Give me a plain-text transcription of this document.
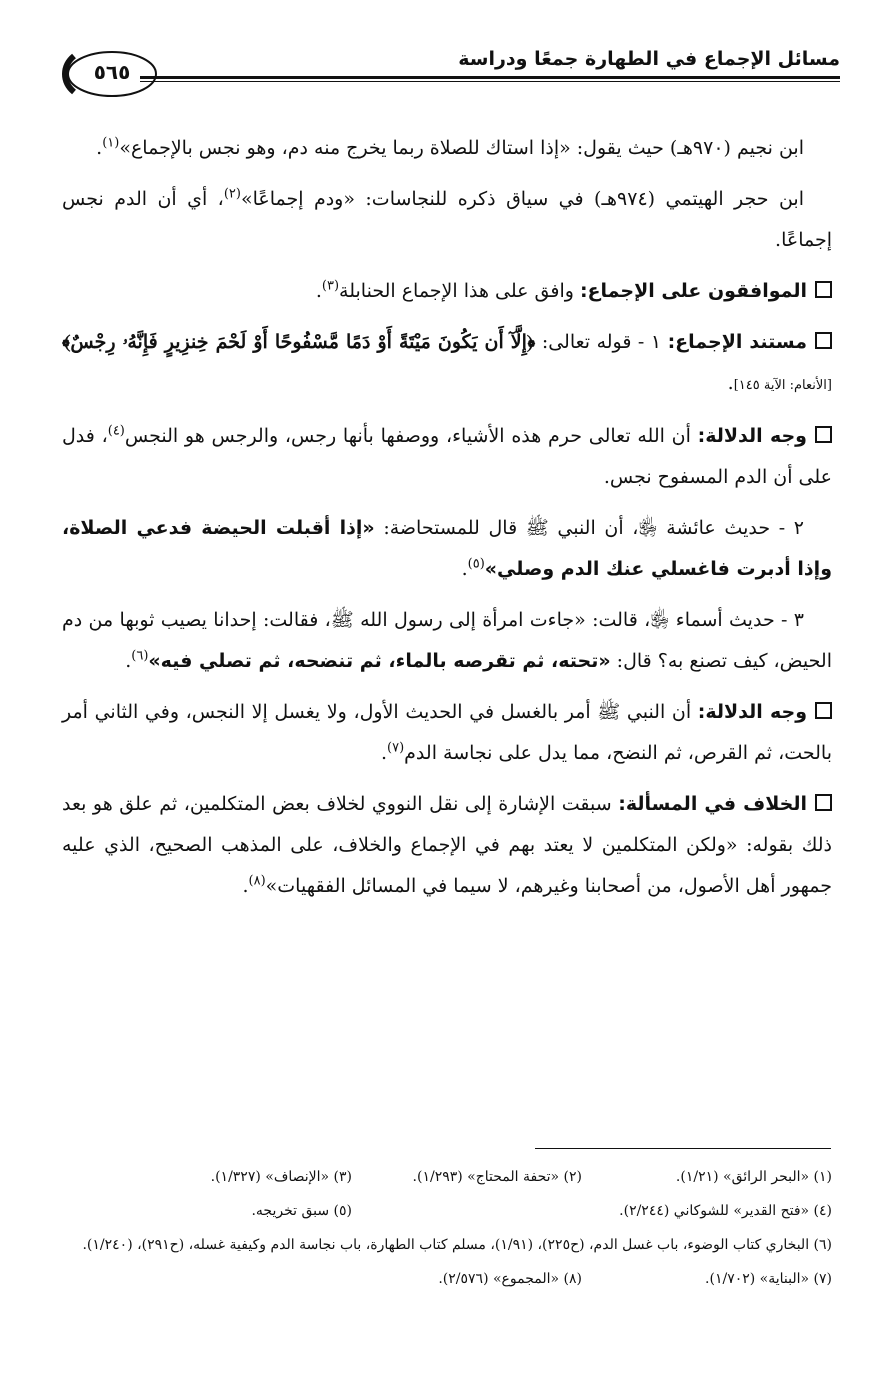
مسائل الإجماع في الطهارة جمعًا ودراسة
٥٦٥

ابن نجيم (٩٧٠هـ) حيث يقول: «إذا استاك للصلاة ربما يخرج منه دم، وهو نجس بالإجماع»$^{(١)}$.

ابن حجر الهيتمي (٩٧٤هـ) في سياق ذكره للنجاسات: «ودم إجماعًا»$^{(٢)}$، أي أن الدم نجس إجماعًا.

الموافقون على الإجماع: وافق على هذا الإجماع الحنابلة$^{(٣)}$.

مستند الإجماع: ١ - قوله تعالى: ﴿إِلَّآ أَن يَكُونَ مَيْتَةً أَوْ دَمًا مَّسْفُوحًا أَوْ لَحْمَ خِنزِيرٍ فَإِنَّهُۥ رِجْسٌ﴾ [الأنعام: الآية ١٤٥].

وجه الدلالة: أن الله تعالى حرم هذه الأشياء، ووصفها بأنها رجس، والرجس هو النجس$^{(٤)}$، فدل على أن الدم المسفوح نجس.

٢ - حديث عائشة ﵂، أن النبي ﷺ قال للمستحاضة: «إذا أقبلت الحيضة فدعي الصلاة، وإذا أدبرت فاغسلي عنك الدم وصلي»$^{(٥)}$.

٣ - حديث أسماء ﵂، قالت: «جاءت امرأة إلى رسول الله ﷺ، فقالت: إحدانا يصيب ثوبها من دم الحيض، كيف تصنع به؟ قال: «تحته، ثم تقرصه بالماء، ثم تنضحه، ثم تصلي فيه»$^{(٦)}$.

وجه الدلالة: أن النبي ﷺ أمر بالغسل في الحديث الأول، ولا يغسل إلا النجس، وفي الثاني أمر بالحت، ثم القرص، ثم النضح، مما يدل على نجاسة الدم$^{(٧)}$.

الخلاف في المسألة: سبقت الإشارة إلى نقل النووي لخلاف بعض المتكلمين، ثم علق هو بعد ذلك بقوله: «ولكن المتكلمين لا يعتد بهم في الإجماع والخلاف، على المذهب الصحيح، الذي عليه جمهور أهل الأصول، من أصحابنا وغيرهم، لا سيما في المسائل الفقهيات»$^{(٨)}$.

(١) «البحر الرائق» (١/٢١).
(٢) «تحفة المحتاج» (١/٢٩٣).
(٣) «الإنصاف» (١/٣٢٧).
(٤) «فتح القدير» للشوكاني (٢/٢٤٤).
(٥) سبق تخريجه.
(٦) البخاري كتاب الوضوء، باب غسل الدم، (ح٢٢٥)، (١/٩١)، مسلم كتاب الطهارة، باب نجاسة الدم وكيفية غسله، (ح٢٩١)، (١/٢٤٠).
(٧) «البناية» (١/٧٠٢).
(٨) «المجموع» (٢/٥٧٦).
